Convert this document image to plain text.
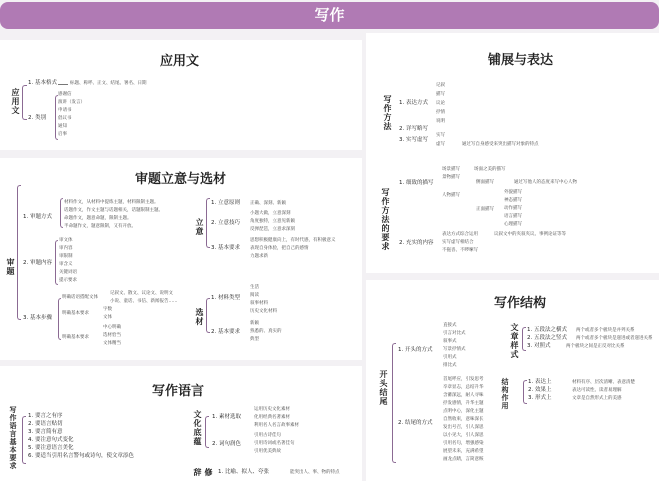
写作
应用文
应用文
1. 基本格式	标题、称呼、正文、结尾、署名、日期
2. 类别
感谢信
演讲（发言）
申请书
倡议书
通知
启事
审题立意与选材
审题
1. 审题方式
材料作文，从材料中提炼主题，材料限制主题。
话题作文，作文主题与话题相关，话题限制主题。
命题作文，题意命题，限制主题。
半命题作文，题意限制，又有开放。
2. 审题内容
审文体
审内容
审限制
审含义
关键词语
提示要求
3. 基本步骤
明确话语搭配文体
记叙文、散文、议论文、说明文
小说、童话、书信、新闻报告……
明确基本要求
字数
文体
明确基本要求
中心明确
选材恰当
文体精当
立意
1. 立意原则 正确、深刻、新颖
2. 立意技巧
小题大做，立意深刻
角度独特，立意见新颖
反弹琵琶，立意求深刻
3. 基本要求
思想积极健康向上，有时代感，有积极意义
表现自身体验，把自己的感情
力题求新
选材
1. 材料类型
生活
阅读
叙事材料
历史文化材料
2. 基本要求
新颖
熟悉的、真实的
典型
写作语言
写作语言基本要求 1. 要言之有序
2. 要语言贴切
3. 要言简有意
4. 要注意句式变化
5. 要注意语言美化
6. 要适当引用名言警句或诗句，使文章添色
文化底蕴 1. 素材选取
运用历史文化素材
化用经典名著素材
利用名人名言故事素材
2. 词句润色
引用古诗佳句
引用诗词或名著佳句
引用优美典故
修辞	1. 比喻、拟人、夸张	能突出人、事、物的特点
铺展与表达
写作方法 1. 表达方式
记叙
描写
议论
抒情
说明
2. 详写略写
3. 实写虚写
实写
虚写	通过写自身感受来突出描写对象的特点
写作方法的要求
1. 细致的描写
场景描写	场面之美的描写
景物描写
人物描写
侧面描写	通过写他人的态度来写中心人物
正面描写
外貌描写
神态描写
动作描写
语言描写
心理描写
2. 充实的内容
表达方式综合运用	议叙文中的夹叙夹议、事例论证等等
实写虚写相结合
不拖沓、不啰嗦写
写作结构
开头结尾
1. 开头的方式
直接式
引言对比式
叙事式
写景抒情式
引用式
排比式
2. 结尾的方式
首尾呼应，引发思考
卒章显志，总结升华
含蓄深远，耐人寻味
抒发感情，升华主题
点明中心，深化主题
自然收束，意味深长
发出号召，引人深思
以小见大，引人深思
引用名句，增强感染
展望未来，充满希望
画龙点睛，言简意赅
文章样式 1. 五段法之横式 两个或者多个板块是并列关系
2. 五段法之竖式 两个或者多个板块是递进或者递进关系
3. 对照式	两个板块之间是正反对比关系
结构作用	1. 表达上	材料有序、层次清晰、表意清楚
2. 效果上	表达可读性、读者易理解
3. 形式上	文章是自然形式上的美感
